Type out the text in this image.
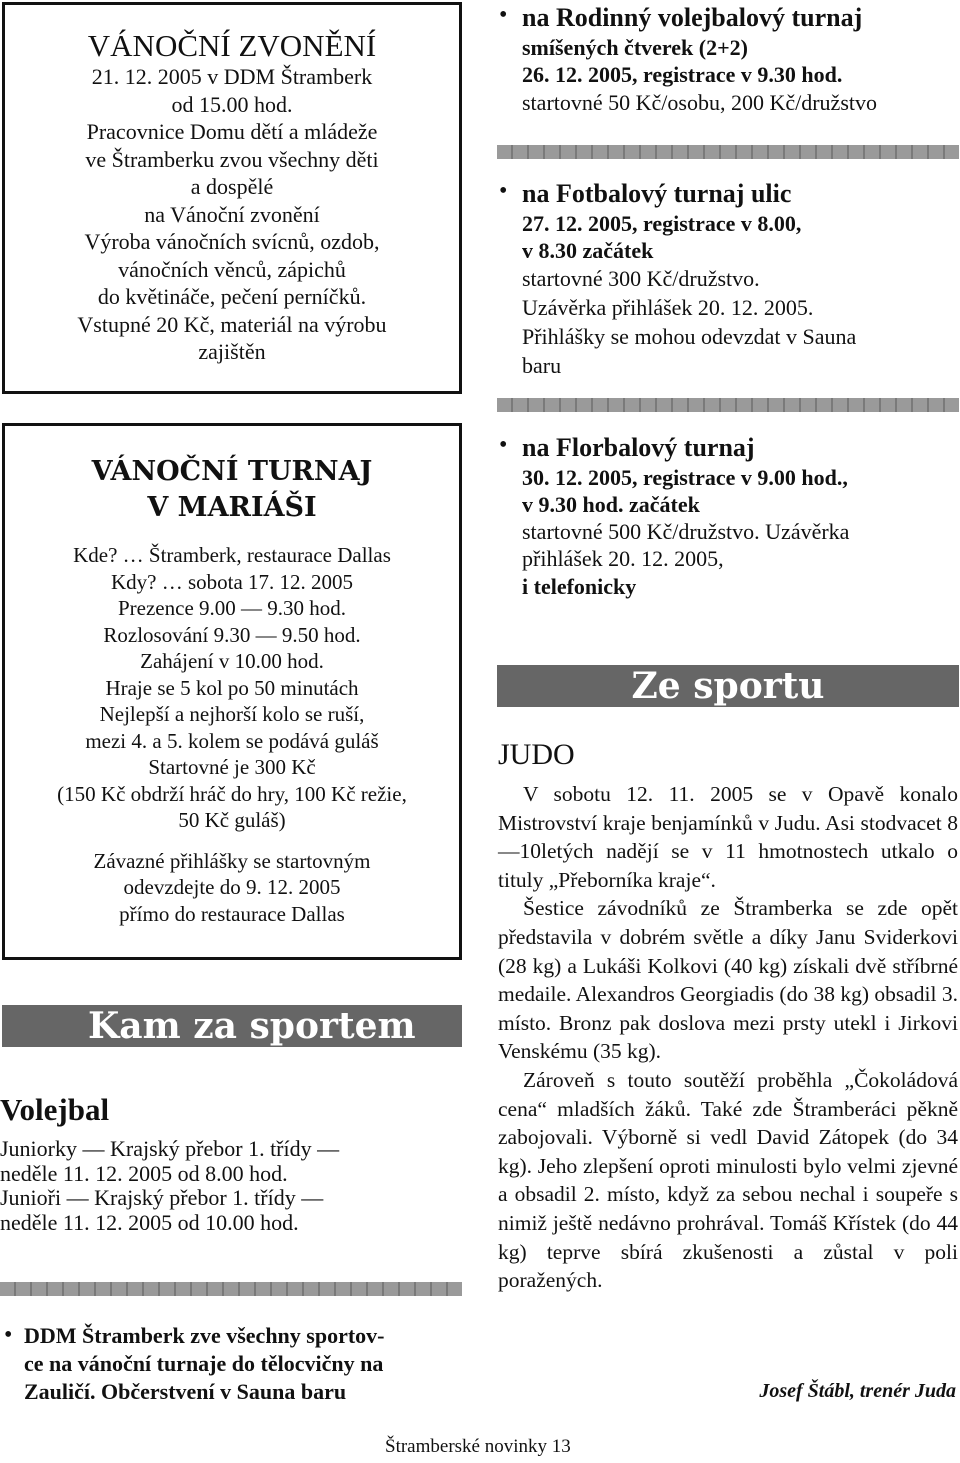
VÁNOČNÍ ZVONĚNÍ
21. 12. 2005 v DDM Štramberk
od 15.00 hod.
Pracovnice Domu dětí a mládeže
ve Štramberku zvou všechny děti
a dospělé
na Vánoční zvonění
Výroba vánočních svícnů, ozdob,
vánočních věnců, zápichů
do květináče, pečení perníčků.
Vstupné 20 Kč, materiál na výrobu
zajištěn
VÁNOČNÍ TURNAJ
V MARIÁŠI
Kde? … Štramberk, restaurace Dallas
Kdy? … sobota 17. 12. 2005
Prezence 9.00 — 9.30 hod.
Rozlosování 9.30 — 9.50 hod.
Zahájení v 10.00 hod.
Hraje se 5 kol po 50 minutách
Nejlepší a nejhorší kolo se ruší,
mezi 4. a 5. kolem se podává guláš
Startovné je 300 Kč
(150 Kč obdrží hráč do hry, 100 Kč režie,
50 Kč guláš)
Závazné přihlášky se startovným
odevzdejte do 9. 12. 2005
přímo do restaurace Dallas
Kam za sportem
Volejbal
Juniorky — Krajský přebor 1. třídy —
neděle 11. 12. 2005 od 8.00 hod.
Junioři — Krajský přebor 1. třídy —
neděle 11. 12. 2005 od 10.00 hod.
• DDM Štramberk zve všechny sportov-
ce na vánoční turnaje do tělocvičny na
Zauličí. Občerstvení v Sauna baru
• na Rodinný volejbalový turnaj
smíšených čtverek (2+2)
26. 12. 2005, registrace v 9.30 hod.
startovné 50 Kč/osobu, 200 Kč/družstvo
• na Fotbalový turnaj ulic
27. 12. 2005, registrace v 8.00,
v 8.30 začátek
startovné 300 Kč/družstvo.
Uzávěrka přihlášek 20. 12. 2005.
Přihlášky se mohou odevzdat v Sauna
baru
• na Florbalový turnaj
30. 12. 2005, registrace v 9.00 hod.,
v 9.30 hod. začátek
startovné 500 Kč/družstvo. Uzávěrka
přihlášek 20. 12. 2005,
i telefonicky
Ze sportu
JUDO

V sobotu 12. 11. 2005 se v Opavě konalo Mistrovství kraje benjamínků v Judu. Asi stodvacet 8—10letých nadějí se v 11 hmotnostech utkalo o tituly „Přeborníka kraje“.

Šestice závodníků ze Štramberka se zde opět představila v dobrém světle a díky Janu Sviderkovi (28 kg) a Lukáši Kolkovi (40 kg) získali dvě stříbrné medaile. Alexandros Georgiadis (do 38 kg) obsadil 3. místo. Bronz pak doslova mezi prsty utekl i Jirkovi Venskému (35 kg).

Zároveň s touto soutěží proběhla „Čokoládová cena“ mladších žáků. Také zde Štramberáci pěkně zabojovali. Výborně si vedl David Zátopek (do 34 kg). Jeho zlepšení oproti minulosti bylo velmi zjevné a obsadil 2. místo, když za sebou nechal i soupeře s nimiž ještě nedávno prohrával. Tomáš Křístek (do 44 kg) teprve sbírá zkušenosti a zůstal v poli poražených.

Josef Štábl, trenér Juda
Štramberské novinky 13
